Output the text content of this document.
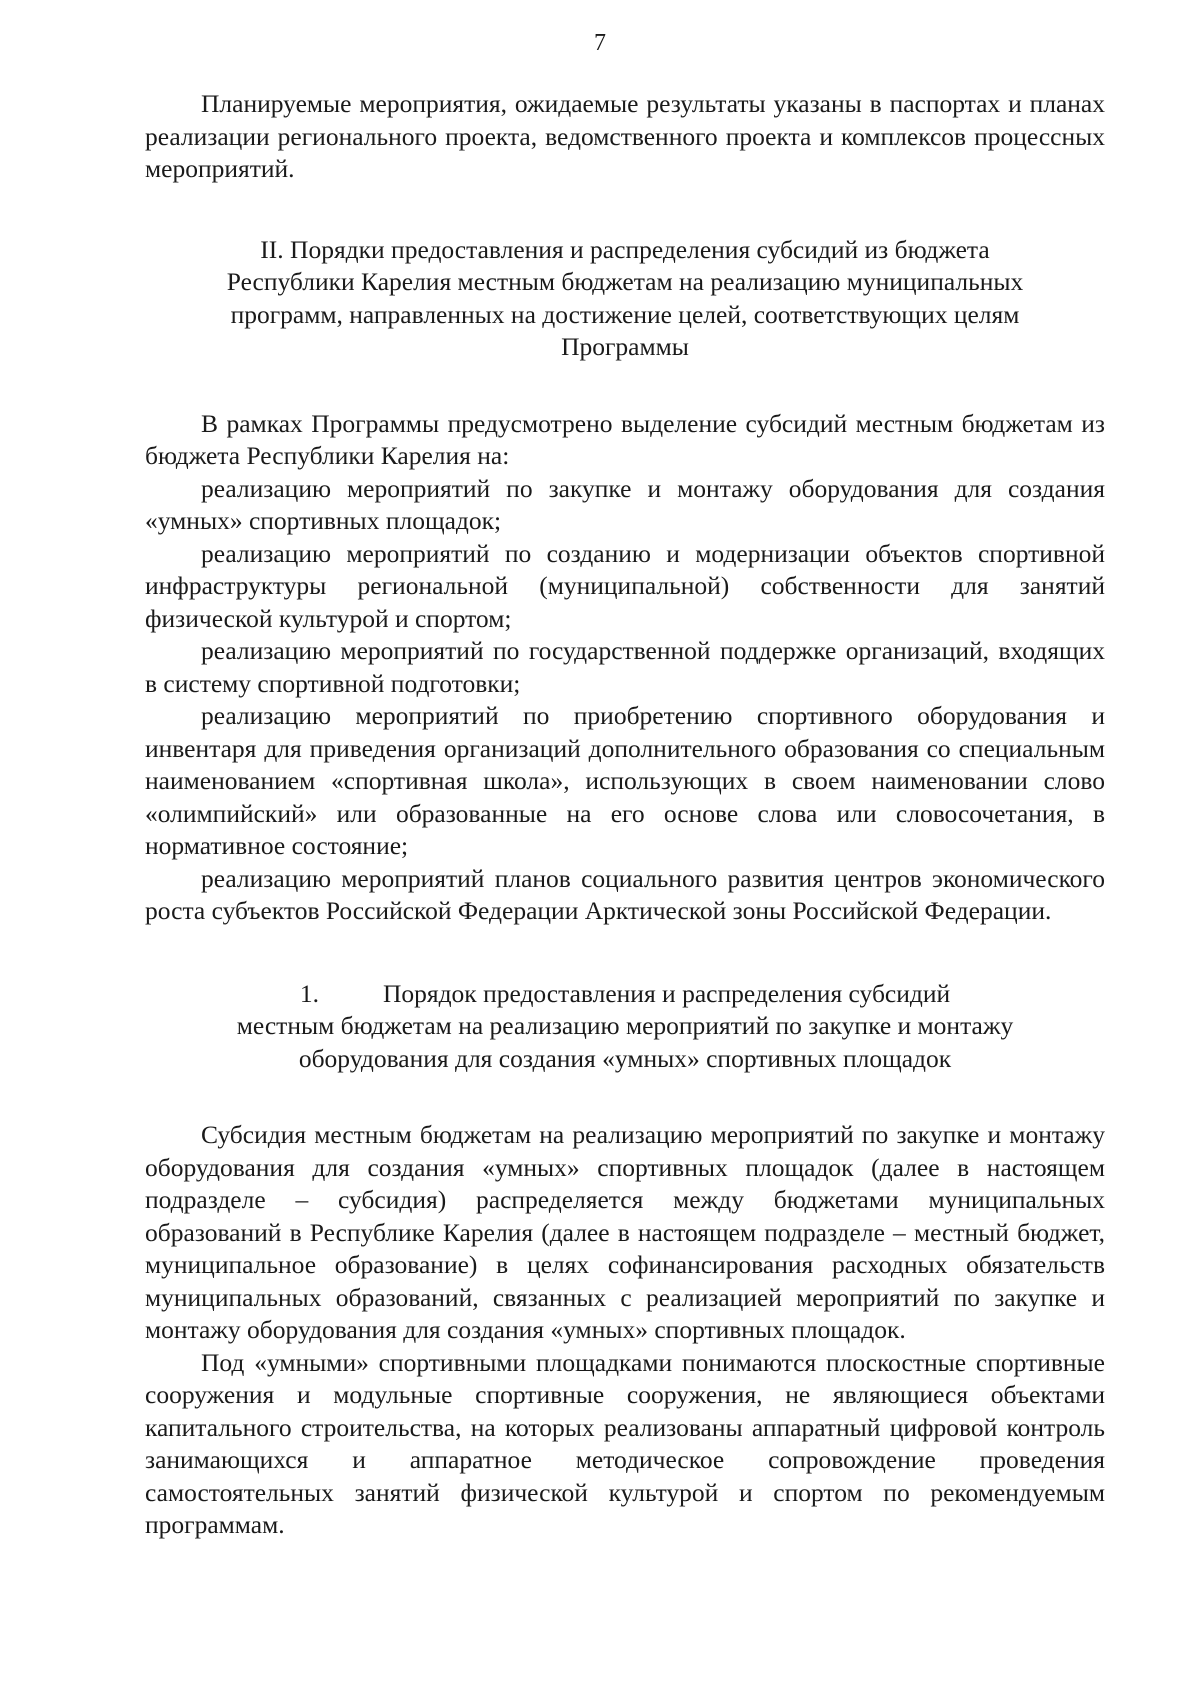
7

Планируемые мероприятия, ожидаемые результаты указаны в паспортах и планах реализации регионального проекта, ведомственного проекта и комплексов процессных мероприятий.

II. Порядки предоставления и распределения субсидий из бюджета
Республики Карелия местным бюджетам на реализацию муниципальных
программ, направленных на достижение целей, соответствующих целям
Программы

В рамках Программы предусмотрено выделение субсидий местным бюджетам из бюджета Республики Карелия на:

реализацию мероприятий по закупке и монтажу оборудования для создания «умных» спортивных площадок;

реализацию мероприятий по созданию и модернизации объектов спортивной инфраструктуры региональной (муниципальной) собственности для занятий физической культурой и спортом;

реализацию мероприятий по государственной поддержке организаций, входящих в систему спортивной подготовки;

реализацию мероприятий по приобретению спортивного оборудования и инвентаря для приведения организаций дополнительного образования со специальным наименованием «спортивная школа», использующих в своем наименовании слово «олимпийский» или образованные на его основе слова или словосочетания, в нормативное состояние;

реализацию мероприятий планов социального развития центров экономического роста субъектов Российской Федерации Арктической зоны Российской Федерации.

1.	Порядок предоставления и распределения субсидий
местным бюджетам на реализацию мероприятий по закупке и монтажу
оборудования для создания «умных» спортивных площадок

Субсидия местным бюджетам на реализацию мероприятий по закупке и монтажу оборудования для создания «умных» спортивных площадок (далее в настоящем подразделе – субсидия) распределяется между бюджетами муниципальных образований в Республике Карелия (далее в настоящем подразделе – местный бюджет, муниципальное образование) в целях софинансирования расходных обязательств муниципальных образований, связанных с реализацией мероприятий по закупке и монтажу оборудования для создания «умных» спортивных площадок.

Под «умными» спортивными площадками понимаются плоскостные спортивные сооружения и модульные спортивные сооружения, не являющиеся объектами капитального строительства, на которых реализованы аппаратный цифровой контроль занимающихся и аппаратное методическое сопровождение проведения самостоятельных занятий физической культурой и спортом по рекомендуемым программам.
